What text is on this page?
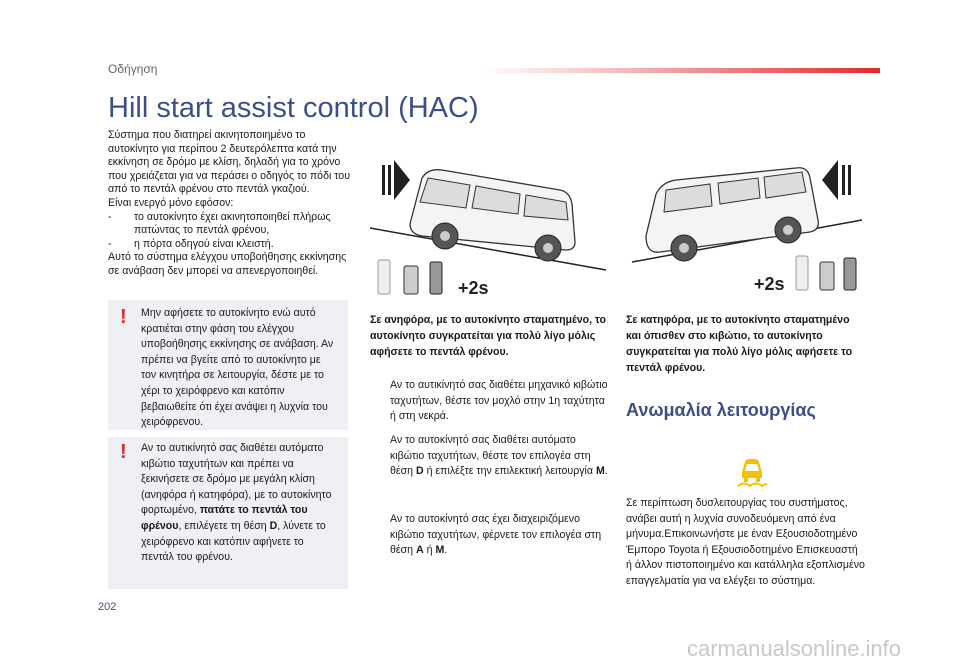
Οδήγηση
Hill start assist control (HAC)

Σύστημα που διατηρεί ακινητοποιημένο το αυτοκίνητο για περίπου 2 δευτερόλεπτα κατά την εκκίνηση σε δρόμο με κλίση, δηλαδή για το χρόνο που χρειάζεται για να περάσει ο οδηγός το πόδι του από το πεντάλ φρένου στο πεντάλ γκαζιού.

Είναι ενεργό μόνο εφόσον:

-	το αυτοκίνητο έχει ακινητοποιηθεί πλήρως πατώντας το πεντάλ φρένου,
-	η πόρτα οδηγού είναι κλειστή.

Αυτό το σύστημα ελέγχου υποβοήθησης εκκίνησης σε ανάβαση δεν μπορεί να απενεργοποιηθεί.

! Μην αφήσετε το αυτοκίνητο ενώ αυτό κρατιέται στην φάση του ελέγχου υποβοήθησης εκκίνησης σε ανάβαση. Αν πρέπει να βγείτε από το αυτοκίνητο με τον κινητήρα σε λειτουργία, δέστε με το χέρι το χειρόφρενο και κατόπιν βεβαιωθείτε ότι έχει ανάψει η λυχνία του χειρόφρενου.
! Αν το αυτικίνητό σας διαθέτει αυτόματο κιβώτιο ταχυτήτων και πρέπει να ξεκινήσετε σε δρόμο με μεγάλη κλίση (ανηφόρα ή κατηφόρα), με το αυτοκίνητο φορτωμένο, πατάτε το πεντάλ του φρένου, επιλέγετε τη θέση D, λύνετε το χειρόφρενο και κατόπιν αφήνετε το πεντάλ του φρένου.
+2s	+2s
Σε ανηφόρα, με το αυτοκίνητο σταματημένο, το αυτοκίνητο συγκρατείται για πολύ λίγο μόλις αφήσετε το πεντάλ φρένου.
Σε κατηφόρα, με το αυτοκίνητο σταματημένο και όπισθεν στο κιβώτιο, το αυτοκίνητο συγκρατείται για πολύ λίγο μόλις αφήσετε το πεντάλ φρένου.
Αν το αυτικίνητό σας διαθέτει μηχανικό κιβώτιο ταχυτήτων, θέστε τον μοχλό στην 1η ταχύτητα ή στη νεκρά.
Αν το αυτοκίνητό σας διαθέτει αυτόματο κιβώτιο ταχυτήτων, θέστε τον επιλογέα στη θέση D ή επιλέξτε την επιλεκτική λειτουργία M.
Αν το αυτοκίνητό σας έχει διαχειριζόμενο κιβώτιο ταχυτήτων, φέρνετε τον επιλογέα στη θέση A ή M.
Ανωμαλία λειτουργίας
Σε περίπτωση δυσλειτουργίας του συστήματος, ανάβει αυτή η λυχνία συνοδευόμενη από ένα μήνυμα.Επικοινωνήστε με έναν Εξουσιοδοτημένο Έμπορο Toyota ή Εξουσιοδοτημένο Επισκευαστή ή άλλον πιστοποιημένο και κατάλληλα εξοπλισμένο επαγγελματία για να ελέγξει το σύστημα.
202
carmanualsonline.info
